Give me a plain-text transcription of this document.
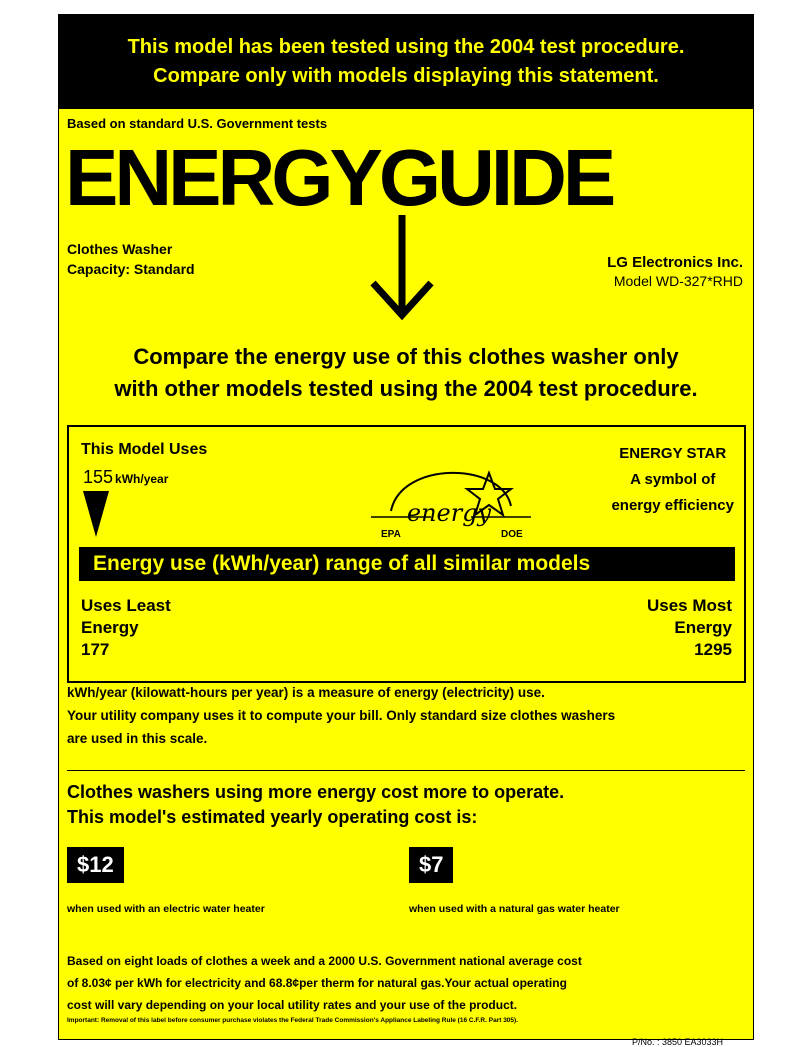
This model has been tested using the 2004 test procedure.
Compare only with models displaying this statement.
Based on standard U.S. Government tests
ENERGYGUIDE
Clothes Washer
Capacity: Standard	LG Electronics Inc.
Model WD-327*RHD
Compare the energy use of this clothes washer only
with other models tested using the 2004 test procedure.
This Model Uses
155 kWh/year
energy
EPA	DOE
ENERGY STAR
A symbol of
energy efficiency
Energy use (kWh/year) range of all similar models
Uses Least
Energy
177
Uses Most
Energy
1295
kWh/year (kilowatt-hours per year) is a measure of energy (electricity) use.
Your utility company uses it to compute your bill. Only standard size clothes washers
are used in this scale.
Clothes washers using more energy cost more to operate.
This model's estimated yearly operating cost is:
$12	$7
when used with an electric water heater	when used with a natural gas water heater
Based on eight loads of clothes a week and a 2000 U.S. Government national average cost
of 8.03¢ per kWh for electricity and 68.8¢per therm for natural gas.Your actual operating
cost will vary depending on your local utility rates and your use of the product.
Important: Removal of this label before consumer purchase violates the Federal Trade Commission's Appliance Labeling Rule (16 C.F.R. Part 305).
P/No. : 3850 EA3033H
